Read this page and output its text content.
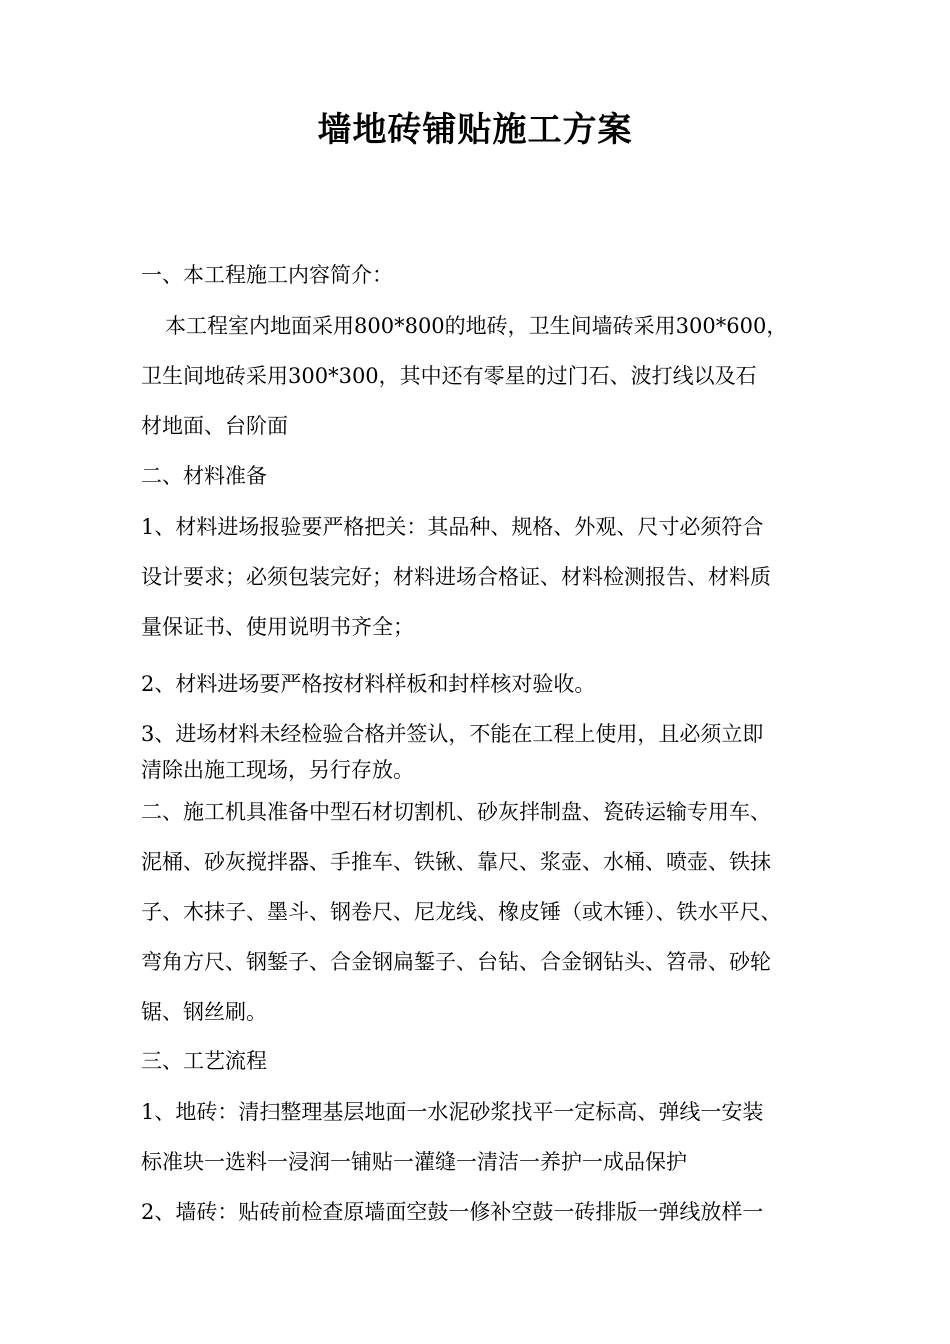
墙地砖铺贴施工方案
一、本工程施工内容简介：
本工程室内地面采用800*800的地砖，卫生间墙砖采用300*600，
卫生间地砖采用300*300，其中还有零星的过门石、波打线以及石
材地面、台阶面
二、材料准备
1、材料进场报验要严格把关：其品种、规格、外观、尺寸必须符合
设计要求；必须包装完好；材料进场合格证、材料检测报告、材料质
量保证书、使用说明书齐全；
2、材料进场要严格按材料样板和封样核对验收。
3、进场材料未经检验合格并签认，不能在工程上使用，且必须立即
清除出施工现场，另行存放。
二、施工机具准备中型石材切割机、砂灰拌制盘、瓷砖运输专用车、
泥桶、砂灰搅拌器、手推车、铁锹、靠尺、浆壶、水桶、喷壶、铁抹
子、木抹子、墨斗、钢卷尺、尼龙线、橡皮锤（或木锤）、铁水平尺、
弯角方尺、钢錾子、合金钢扁錾子、台钻、合金钢钻头、笤帚、砂轮
锯、钢丝刷。
三、工艺流程
1、地砖：清扫整理基层地面一水泥砂浆找平一定标高、弹线一安装
标准块一选料一浸润一铺贴一灌缝一清洁一养护一成品保护
2、墙砖：贴砖前检查原墙面空鼓一修补空鼓一砖排版一弹线放样一
